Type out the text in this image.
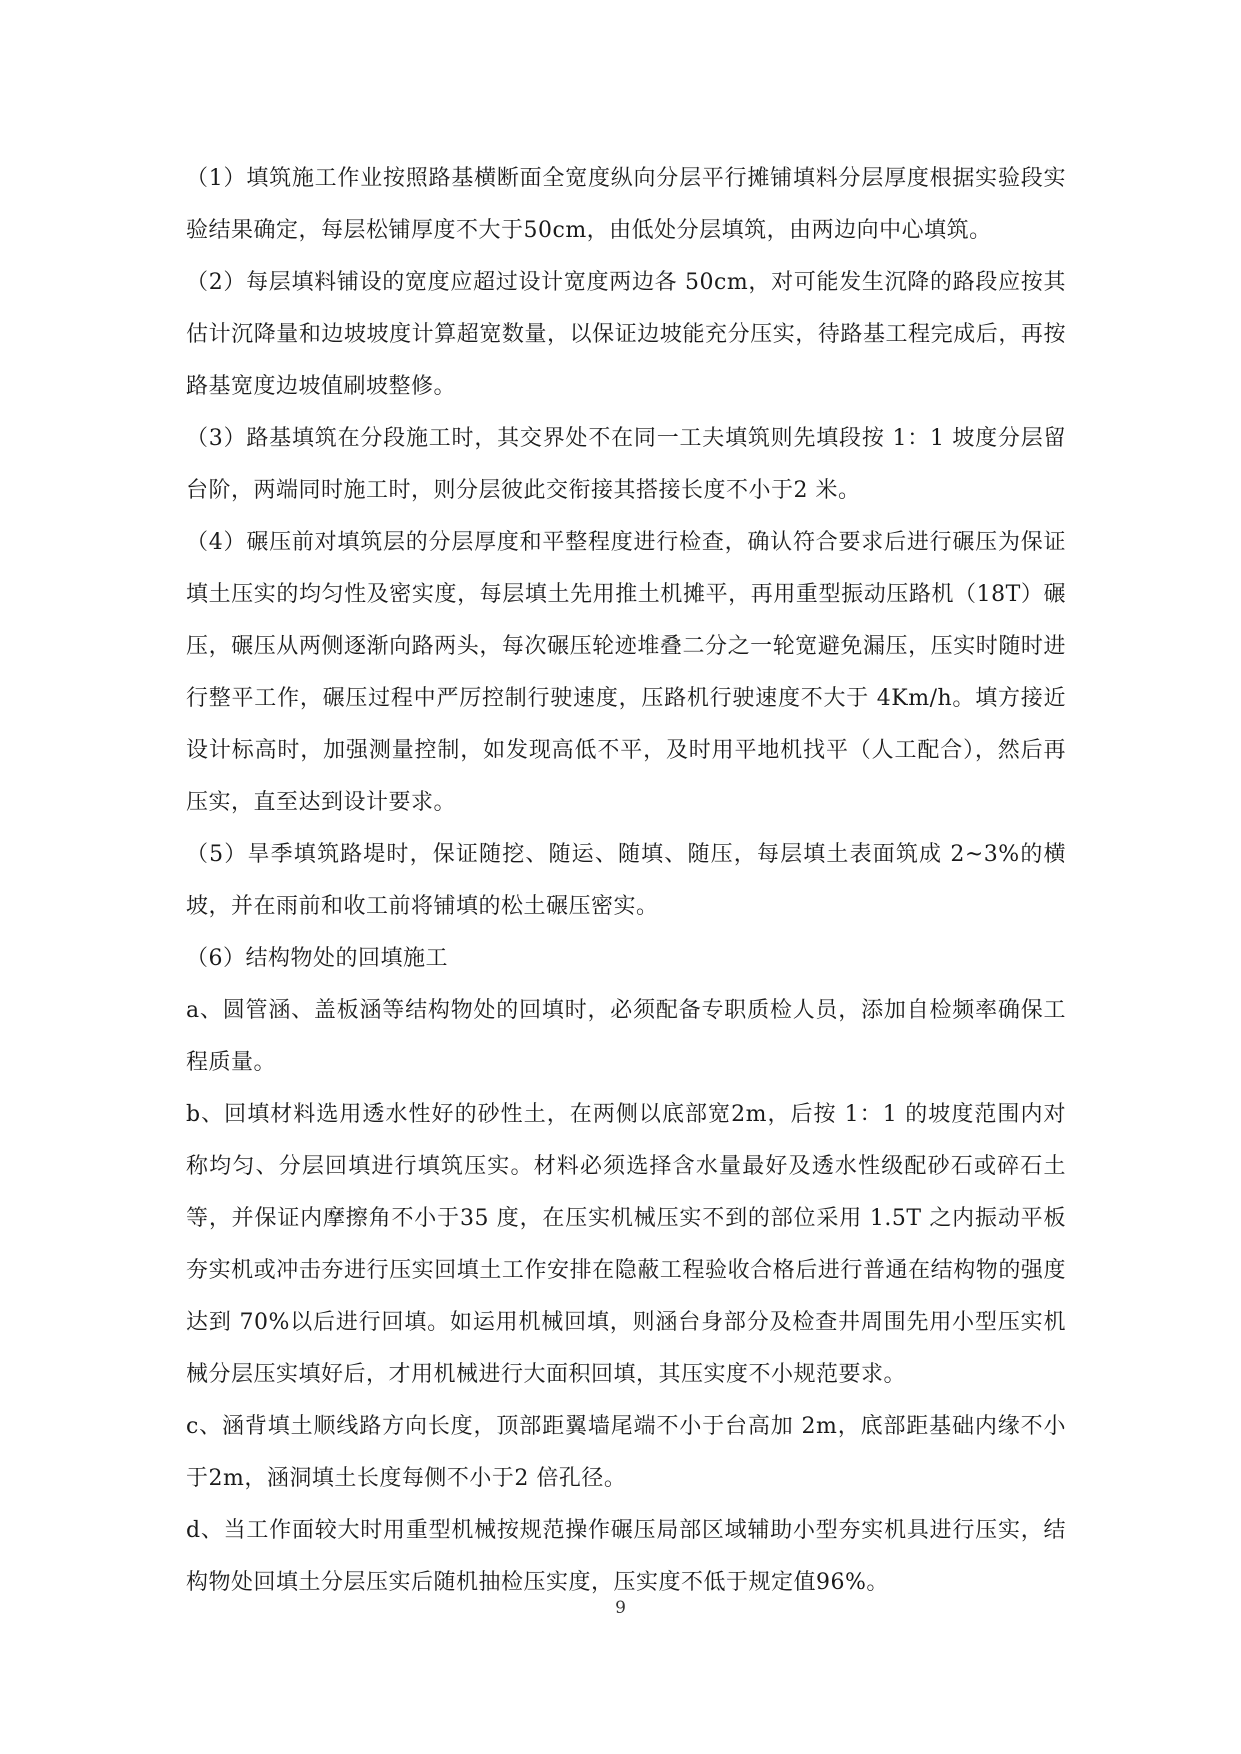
（1）填筑施工作业按照路基横断面全宽度纵向分层平行摊铺填料分层厚度根据实验段实验结果确定，每层松铺厚度不大于50cm，由低处分层填筑，由两边向中心填筑。

（2）每层填料铺设的宽度应超过设计宽度两边各 50cm，对可能发生沉降的路段应按其估计沉降量和边坡坡度计算超宽数量，以保证边坡能充分压实，待路基工程完成后，再按路基宽度边坡值刷坡整修。

（3）路基填筑在分段施工时，其交界处不在同一工夫填筑则先填段按 1：1 坡度分层留台阶，两端同时施工时，则分层彼此交衔接其搭接长度不小于2 米。

（4）碾压前对填筑层的分层厚度和平整程度进行检查，确认符合要求后进行碾压为保证填土压实的均匀性及密实度，每层填土先用推土机摊平，再用重型振动压路机（18T）碾压，碾压从两侧逐渐向路两头，每次碾压轮迹堆叠二分之一轮宽避免漏压，压实时随时进行整平工作，碾压过程中严厉控制行驶速度，压路机行驶速度不大于 4Km/h。填方接近设计标高时，加强测量控制，如发现高低不平，及时用平地机找平（人工配合），然后再压实，直至达到设计要求。

（5）旱季填筑路堤时，保证随挖、随运、随填、随压，每层填土表面筑成 2~3%的横坡，并在雨前和收工前将铺填的松土碾压密实。

（6）结构物处的回填施工

a、圆管涵、盖板涵等结构物处的回填时，必须配备专职质检人员，添加自检频率确保工程质量。

b、回填材料选用透水性好的砂性土，在两侧以底部宽2m，后按 1：1 的坡度范围内对称均匀、分层回填进行填筑压实。材料必须选择含水量最好及透水性级配砂石或碎石土等，并保证内摩擦角不小于35 度，在压实机械压实不到的部位采用 1.5T 之内振动平板夯实机或冲击夯进行压实回填土工作安排在隐蔽工程验收合格后进行普通在结构物的强度达到 70%以后进行回填。如运用机械回填，则涵台身部分及检查井周围先用小型压实机械分层压实填好后，才用机械进行大面积回填，其压实度不小规范要求。

c、涵背填土顺线路方向长度，顶部距翼墙尾端不小于台高加 2m，底部距基础内缘不小于2m，涵洞填土长度每侧不小于2 倍孔径。

d、当工作面较大时用重型机械按规范操作碾压局部区域辅助小型夯实机具进行压实，结构物处回填土分层压实后随机抽检压实度，压实度不低于规定值96%。

9
